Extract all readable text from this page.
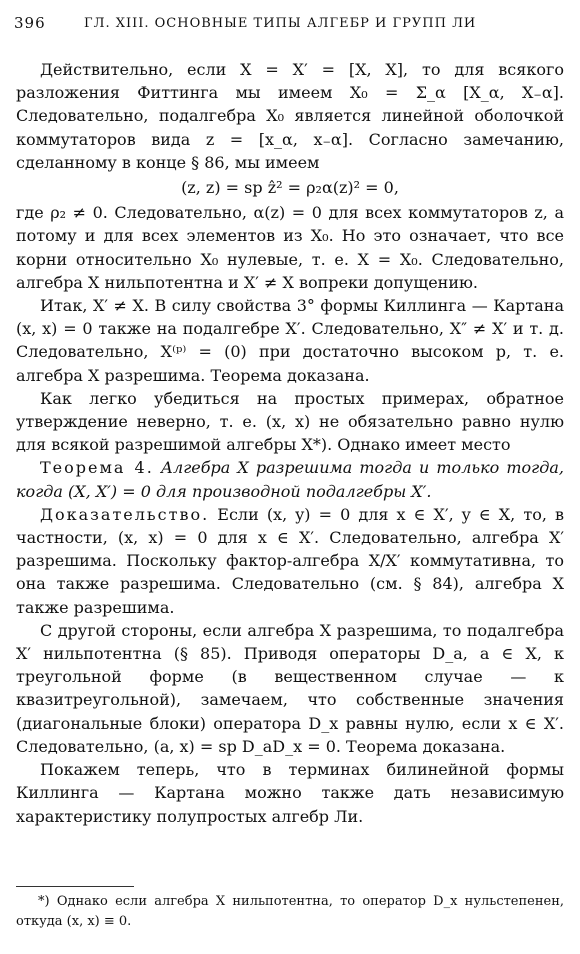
396	ГЛ. XIII. ОСНОВНЫЕ ТИПЫ АЛГЕБР И ГРУПП ЛИ

Действительно, если X = X′ = [X, X], то для всякого разложения Фиттинга мы имеем X₀ = Σ_α [X_α, X₋α]. Следовательно, подалгебра X₀ является линейной оболочкой коммутаторов вида z = [x_α, x₋α]. Согласно замечанию, сделанному в конце § 86, мы имеем

(z, z) = sp ẑ² = ρ₂α(z)² = 0,

где ρ₂ ≠ 0. Следовательно, α(z) = 0 для всех коммутаторов z, а потому и для всех элементов из X₀. Но это означает, что все корни относительно X₀ нулевые, т. е. X = X₀. Следовательно, алгебра X нильпотентна и X′ ≠ X вопреки допущению.

Итак, X′ ≠ X. В силу свойства 3° формы Киллинга — Картана (x, x) = 0 также на подалгебре X′. Следовательно, X″ ≠ X′ и т. д. Следовательно, X⁽ᵖ⁾ = (0) при достаточно высоком p, т. е. алгебра X разрешима. Теорема доказана.

Как легко убедиться на простых примерах, обратное утверждение неверно, т. е. (x, x) не обязательно равно нулю для всякой разрешимой алгебры X*). Однако имеет место

Теорема 4. Алгебра X разрешима тогда и только тогда, когда (X, X′) = 0 для производной подалгебры X′.

Доказательство. Если (x, y) = 0 для x ∈ X′, y ∈ X, то, в частности, (x, x) = 0 для x ∈ X′. Следовательно, алгебра X′ разрешима. Поскольку фактор-алгебра X/X′ коммутативна, то она также разрешима. Следовательно (см. § 84), алгебра X также разрешима.

С другой стороны, если алгебра X разрешима, то подалгебра X′ нильпотентна (§ 85). Приводя операторы D_a, a ∈ X, к треугольной форме (в вещественном случае — к квазитреугольной), замечаем, что собственные значения (диагональные блоки) оператора D_x равны нулю, если x ∈ X′. Следовательно, (a, x) = sp D_aD_x = 0. Теорема доказана.

Покажем теперь, что в терминах билинейной формы Киллинга — Картана можно также дать независимую характеристику полупростых алгебр Ли.

*) Однако если алгебра X нильпотентна, то оператор D_x нульстепенен, откуда (x, x) ≡ 0.
